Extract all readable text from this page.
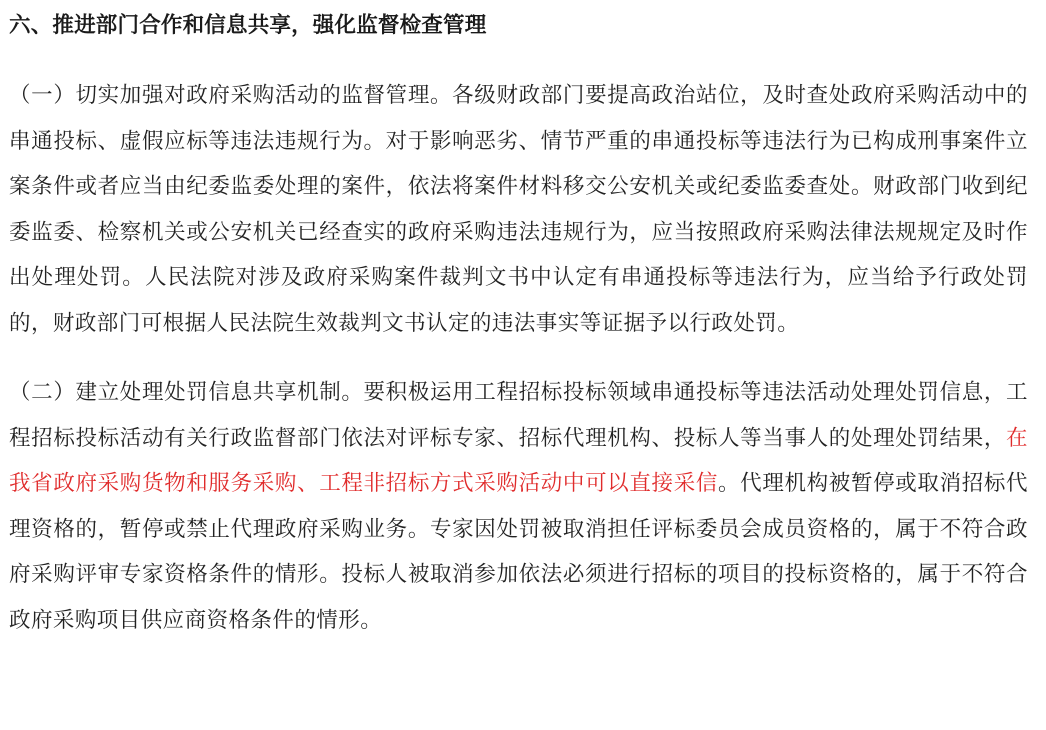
六、推进部门合作和信息共享，强化监督检查管理

（一）切实加强对政府采购活动的监督管理。各级财政部门要提高政治站位，及时查处政府采购活动中的串通投标、虚假应标等违法违规行为。对于影响恶劣、情节严重的串通投标等违法行为已构成刑事案件立案条件或者应当由纪委监委处理的案件，依法将案件材料移交公安机关或纪委监委查处。财政部门收到纪委监委、检察机关或公安机关已经查实的政府采购违法违规行为，应当按照政府采购法律法规规定及时作出处理处罚。人民法院对涉及政府采购案件裁判文书中认定有串通投标等违法行为，应当给予行政处罚的，财政部门可根据人民法院生效裁判文书认定的违法事实等证据予以行政处罚。

（二）建立处理处罚信息共享机制。要积极运用工程招标投标领域串通投标等违法活动处理处罚信息，工程招标投标活动有关行政监督部门依法对评标专家、招标代理机构、投标人等当事人的处理处罚结果，在我省政府采购货物和服务采购、工程非招标方式采购活动中可以直接采信。代理机构被暂停或取消招标代理资格的，暂停或禁止代理政府采购业务。专家因处罚被取消担任评标委员会成员资格的，属于不符合政府采购评审专家资格条件的情形。投标人被取消参加依法必须进行招标的项目的投标资格的，属于不符合政府采购项目供应商资格条件的情形。
